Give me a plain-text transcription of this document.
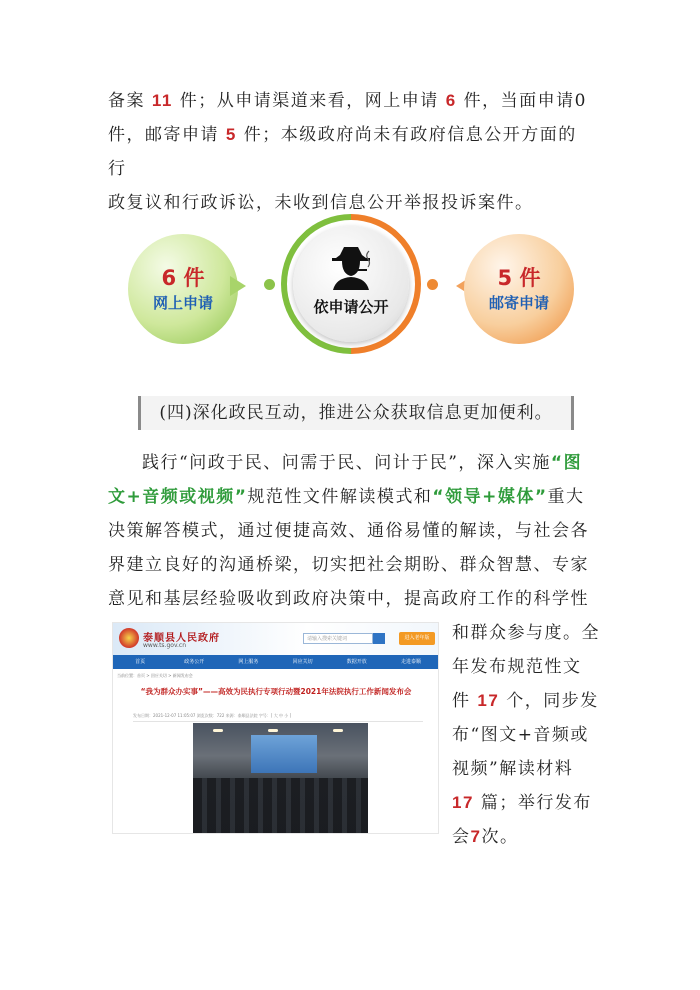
备案 11 件；从申请渠道来看，网上申请 6 件，当面申请0
件，邮寄申请 5 件；本级政府尚未有政府信息公开方面的行
政复议和行政诉讼，未收到信息公开举报投诉案件。
6 件
网上申请	依申请公开
5 件
邮寄申请
(四)深化政民互动，推进公众获取信息更加便利。
践行“问政于民、问需于民、问计于民”，深入实施“图
文+音频或视频”规范性文件解读模式和“领导+媒体”重大
决策解答模式，通过便捷高效、通俗易懂的解读，与社会各
界建立良好的沟通桥梁，切实把社会期盼、群众智慧、专家
意见和基层经验吸收到政府决策中，提高政府工作的科学性
和群众参与度。全
年发布规范性文
件 17 个，同步发
布“图文+音频或
视频”解读材料
17 篇；举行发布
会7次。
泰顺县人民政府
www.ts.gov.cn
请输入搜索关键词	进入老年版
首页	政务公开	网上服务	回应关切	数据开放	走进泰顺
当前位置：首页 > 回应关切 > 新闻发布会
“我为群众办实事”——高效为民执行专项行动暨2021年法院执行工作新闻发布会
发布日期：2021-12-07 11:05:07 浏览次数：722 来源：泰顺县法院 字号：[ 大 中 小 ]
